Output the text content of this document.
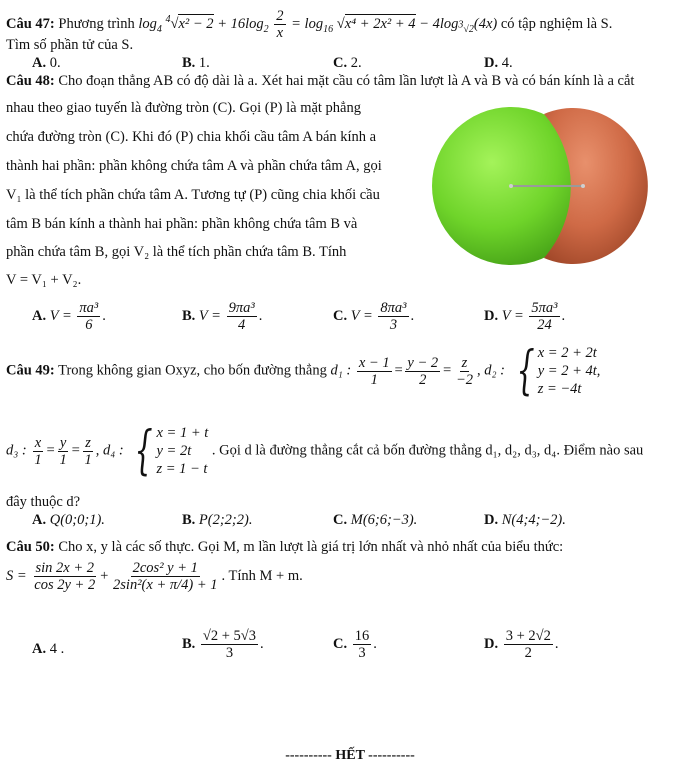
Câu 47: Phương trình $\log_4 ^4√x^2 - 2 + 16\log_2 \frac{2}{x} = \log_{16} √x^4 + 2x^2 + 4 - 4\log_{^3√2}(4x)$ có tập nghiệm là S.
Tìm số phần tử của S.
A. 0.	B. 1.	C. 2.	D. 4.
Câu 48: Cho đoạn thẳng AB có độ dài là a. Xét hai mặt cầu có tâm lần lượt là A và B và có bán kính là a cắt
nhau theo giao tuyến là đường tròn (C). Gọi (P) là mặt phẳng
chứa đường tròn (C). Khi đó (P) chia khối cầu tâm A bán kính a
thành hai phần: phần không chứa tâm A và phần chứa tâm A, gọi
V₁ là thể tích phần chứa tâm A. Tương tự (P) cũng chia khối cầu
tâm B bán kính a thành hai phần: phần không chứa tâm B và
phần chứa tâm B, gọi V₂ là thể tích phần chứa tâm B. Tính
V = V₁ + V₂.
A. $V = \frac{\text{πa³}}{6}$ .	B. $V = \frac{\text{9πa³}}{4}$ .	C. $V = \frac{\text{8πa³}}{3}$ .	D. $V = \frac{\text{5πa³}}{24}$ .
Câu 49: Trong không gian Oxyz, cho bốn đường thẳng d₁ : $\frac{x - 1}{1} = \frac{y - 2}{2} = \frac{z}{-2}$ , d₂ : { x = 2 + 2t
y = 2 + 4t,
z = −4t
d₃ : $\frac{x}{1} = \frac{y}{1} = \frac{z}{1}$ , d₄ : { x = 1 + t
y = 2t
z = 1 − t
. Gọi d là đường thẳng cắt cả bốn đường thẳng d₁, d₂, d₃, d₄. Điểm nào sau
đây thuộc d?
A. Q(0;0;1).	B. P(2;2;2).	C. M(6;6;−3).	D. N(4;4;−2).
Câu 50: Cho x, y là các số thực. Gọi M, m lần lượt là giá trị lớn nhất và nhỏ nhất của biểu thức:
$S = \frac{\sin 2x + 2}{\cos 2y + 2} + \frac{\text{2cos² y + 1}}{\text{2sin²(x + π/4) + 1}}$ . Tính M + m.
A. 4 .	B. $\frac{√2 + 5√3}{3}$ .	C. $\frac{16}{3}$ .	D. $\frac{3 + 2√2}{2}$ .
---------- HẾT ----------
